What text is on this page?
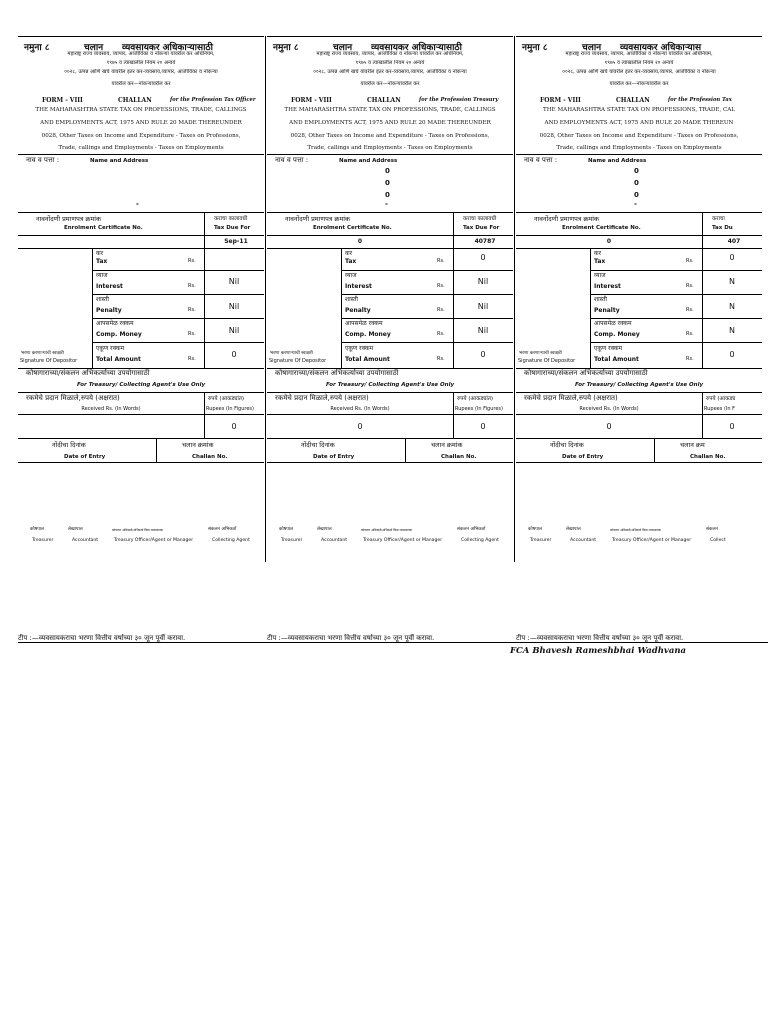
नमुना ८	चलान व्यवसायकर अधिकाऱ्यासाठी
महाराष्ट्र राज्य व्यवसाय, व्यापार, आजीविका व नोकऱ्या यांवरील कर अधिनियम,
१९७५ व त्याखालील नियम २० अन्वये
००२८, उत्पन्न आणि खर्च यांवरील इतर कर-व्यवसाय,व्यापार, आजीविका व नोकऱ्या
यांवरील कर—नोकऱ्यांवरील कर
FORM - VIII	CHALLAN	for the Profession Tax Officer
THE MAHARASHTRA STATE TAX ON PROFESSIONS, TRADE, CALLINGS
AND EMPLOYMENTS ACT, 1975 AND RULE 20 MADE THEREUNDER
0028, Other Taxes on Income and Expenditure - Taxes on Professions,
Trade, callings and Employments - Taxes on Employments
नाव व पत्ता :	Name and Address
-
नावनोंदणी प्रमाणपत्र क्रमांक	कराचा कालावधी
Enrolment Certificate No.	Tax Due For
Sep-11
कर
Tax	Rs.
व्याज
Interest	Rs.	Nil
शास्ती
Penalty	Rs.	Nil
आपसमेळ रक्कम
Comp. Money	Rs.	Nil
भरणा करणाऱ्याची स्वाक्षरी
Signature Of Depositor
एकूण रक्कम
Total Amount	Rs.	0
कोषागाराच्या/संकलन अभिकर्त्याच्या उपयोगासाठी
For Treasury/ Collecting Agent's Use Only
रकमेचे प्रदान मिळाले,रुपये (अक्षरात)
Received Rs. (In Words)
रुपये (आकड्यांत)
Rupees (In Figures)
0
नोंदीचा दिनांक	चलान क्रमांक
Date of Entry	Challan No.
कोषपाल	लेखापाल	कोषागार अधिकारी/अभिकर्ता किंवा व्यवस्थापक	संकलन अभिकर्ता
Treasurer	Accountant	Treasury Officer/Agent or Manager	Collecting Agent
टीप :—व्यवसायकराचा भरणा वित्तीय वर्षाच्या ३० जून पूर्वी करावा.
नमुना ८	चलान व्यवसायकर अधिकाऱ्यासाठी
महाराष्ट्र राज्य व्यवसाय, व्यापार, आजीविका व नोकऱ्या यांवरील कर अधिनियम,
१९७५ व त्याखालील नियम २० अन्वये
००२८, उत्पन्न आणि खर्च यांवरील इतर कर-व्यवसाय,व्यापार, आजीविका व नोकऱ्या
यांवरील कर—नोकऱ्यांवरील कर
FORM - VIII	CHALLAN	for the Profession Treasury
THE MAHARASHTRA STATE TAX ON PROFESSIONS, TRADE, CALLINGS
AND EMPLOYMENTS ACT, 1975 AND RULE 20 MADE THEREUNDER
0028, Other Taxes on Income and Expenditure - Taxes on Professions,
Trade, callings and Employments - Taxes on Employments
नाव व पत्ता :	Name and Address
0
0
0
-
नावनोंदणी प्रमाणपत्र क्रमांक	कराचा कालावधी
Enrolment Certificate No.	Tax Due For
0	40787
कर
Tax	Rs.	0
व्याज
Interest	Rs.	Nil
शास्ती
Penalty	Rs.	Nil
आपसमेळ रक्कम
Comp. Money	Rs.	Nil
भरणा करणाऱ्याची स्वाक्षरी
Signature Of Depositor
एकूण रक्कम
Total Amount	Rs.	0
कोषागाराच्या/संकलन अभिकर्त्याच्या उपयोगासाठी
For Treasury/ Collecting Agent's Use Only
रकमेचे प्रदान मिळाले,रुपये (अक्षरात)
Received Rs. (In Words)
रुपये (आकड्यांत)
Rupees (In Figures)
0	0
नोंदीचा दिनांक	चलान क्रमांक
Date of Entry	Challan No.
कोषपाल	लेखापाल	कोषागार अधिकारी/अभिकर्ता किंवा व्यवस्थापक	संकलन अभिकर्ता
Treasurer	Accountant	Treasury Officer/Agent or Manager	Collecting Agent
टीप :—व्यवसायकराचा भरणा वित्तीय वर्षाच्या ३० जून पूर्वी करावा.
नमुना ८	चलान व्यवसायकर अधिकाऱ्यास
महाराष्ट्र राज्य व्यवसाय, व्यापार, आजीविका व नोकऱ्या यांवरील कर अधिनियम,
१९७५ व त्याखालील नियम २० अन्वये
००२८, उत्पन्न आणि खर्च यांवरील इतर कर-व्यवसाय,व्यापार, आजीविका व नोकऱ्या
यांवरील कर—नोकऱ्यांवरील कर
FORM - VIII	CHALLAN	for the Profession Tax
THE MAHARASHTRA STATE TAX ON PROFESSIONS, TRADE, CAL
AND EMPLOYMENTS ACT, 1975 AND RULE 20 MADE THEREUN
0028, Other Taxes on Income and Expenditure - Taxes on Professions,
Trade, callings and Employments - Taxes on Employments
नाव व पत्ता :	Name and Address
0
0
0
-
नावनोंदणी प्रमाणपत्र क्रमांक	कराचा
Enrolment Certificate No.	Tax Du
0	407
कर
Tax	Rs.	0
व्याज
Interest	Rs.	N
शास्ती
Penalty	Rs.	N
आपसमेळ रक्कम
Comp. Money	Rs.	N
भरणा करणाऱ्याची स्वाक्षरी
Signature Of Depositor
एकूण रक्कम
Total Amount	Rs.	0
कोषागाराच्या/संकलन अभिकर्त्याच्या उपयोगासाठी
For Treasury/ Collecting Agent's Use Only
रकमेचे प्रदान मिळाले,रुपये (अक्षरात)
Received Rs. (In Words)
रुपये (आकड्य
Rupees (In F
0	0
नोंदीचा दिनांक	चलान क्रम
Date of Entry	Challan No.
कोषपाल	लेखापाल	कोषागार अधिकारी/अभिकर्ता किंवा व्यवस्थापक	संकलन
Treasurer	Accountant	Treasury Officer/Agent or Manager	Collect
टीप :—व्यवसायकराचा भरणा वित्तीय वर्षाच्या ३० जून पूर्वी करावा.
FCA Bhavesh Rameshbhai Wadhvana
